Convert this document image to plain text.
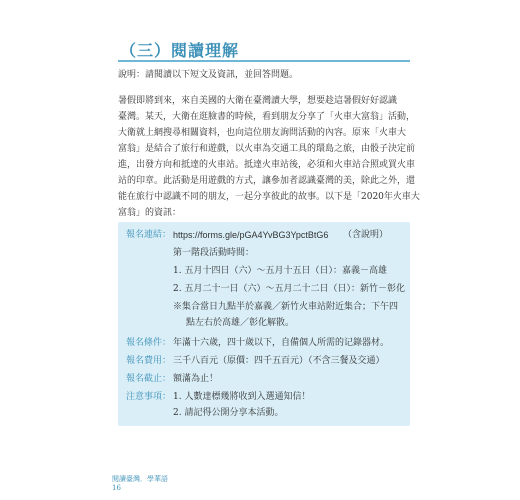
（三）閱讀理解
說明：請閱讀以下短文及資訊，並回答問題。
暑假即將到來，來自美國的大衛在臺灣讀大學，想要趁這暑假好好認識
臺灣。某天，大衛在逛臉書的時候，看到朋友分享了「火車大富翁」活動，
大衛就上網搜尋相關資料，也向這位朋友詢問活動的內容。原來「火車大
富翁」是結合了旅行和遊戲，以火車為交通工具的環島之旅，由骰子決定前
進，出發方向和抵達的火車站。抵達火車站後，必須和火車站合照或買火車
站的印章。此活動是用遊戲的方式，讓參加者認識臺灣的美，除此之外，還
能在旅行中認識不同的朋友，一起分享彼此的故事。以下是「2020年火車大
富翁」的資訊：
報名連結： https://forms.gle/pGA4YvBG3YpctBtG6 （含說明）
第一階段活動時間：
1. 五月十四日（六）～五月十五日（日）：嘉義－高雄
2. 五月二十一日（六）～五月二十二日（日）：新竹－彰化
※集合當日九點半於嘉義／新竹火車站附近集合；下午四
點左右於高雄／彰化解散。
報名條件： 年滿十六歲，四十歲以下，自備個人所需的记錄器材。
報名費用： 三千八百元（原價：四千五百元）（不含三餐及交通）
報名截止： 額滿為止！
注意事項： 1. 人數達標幾將收到入選通知信！
2. 請記得公開分享本活動。
閱讀臺灣．學華語
16
